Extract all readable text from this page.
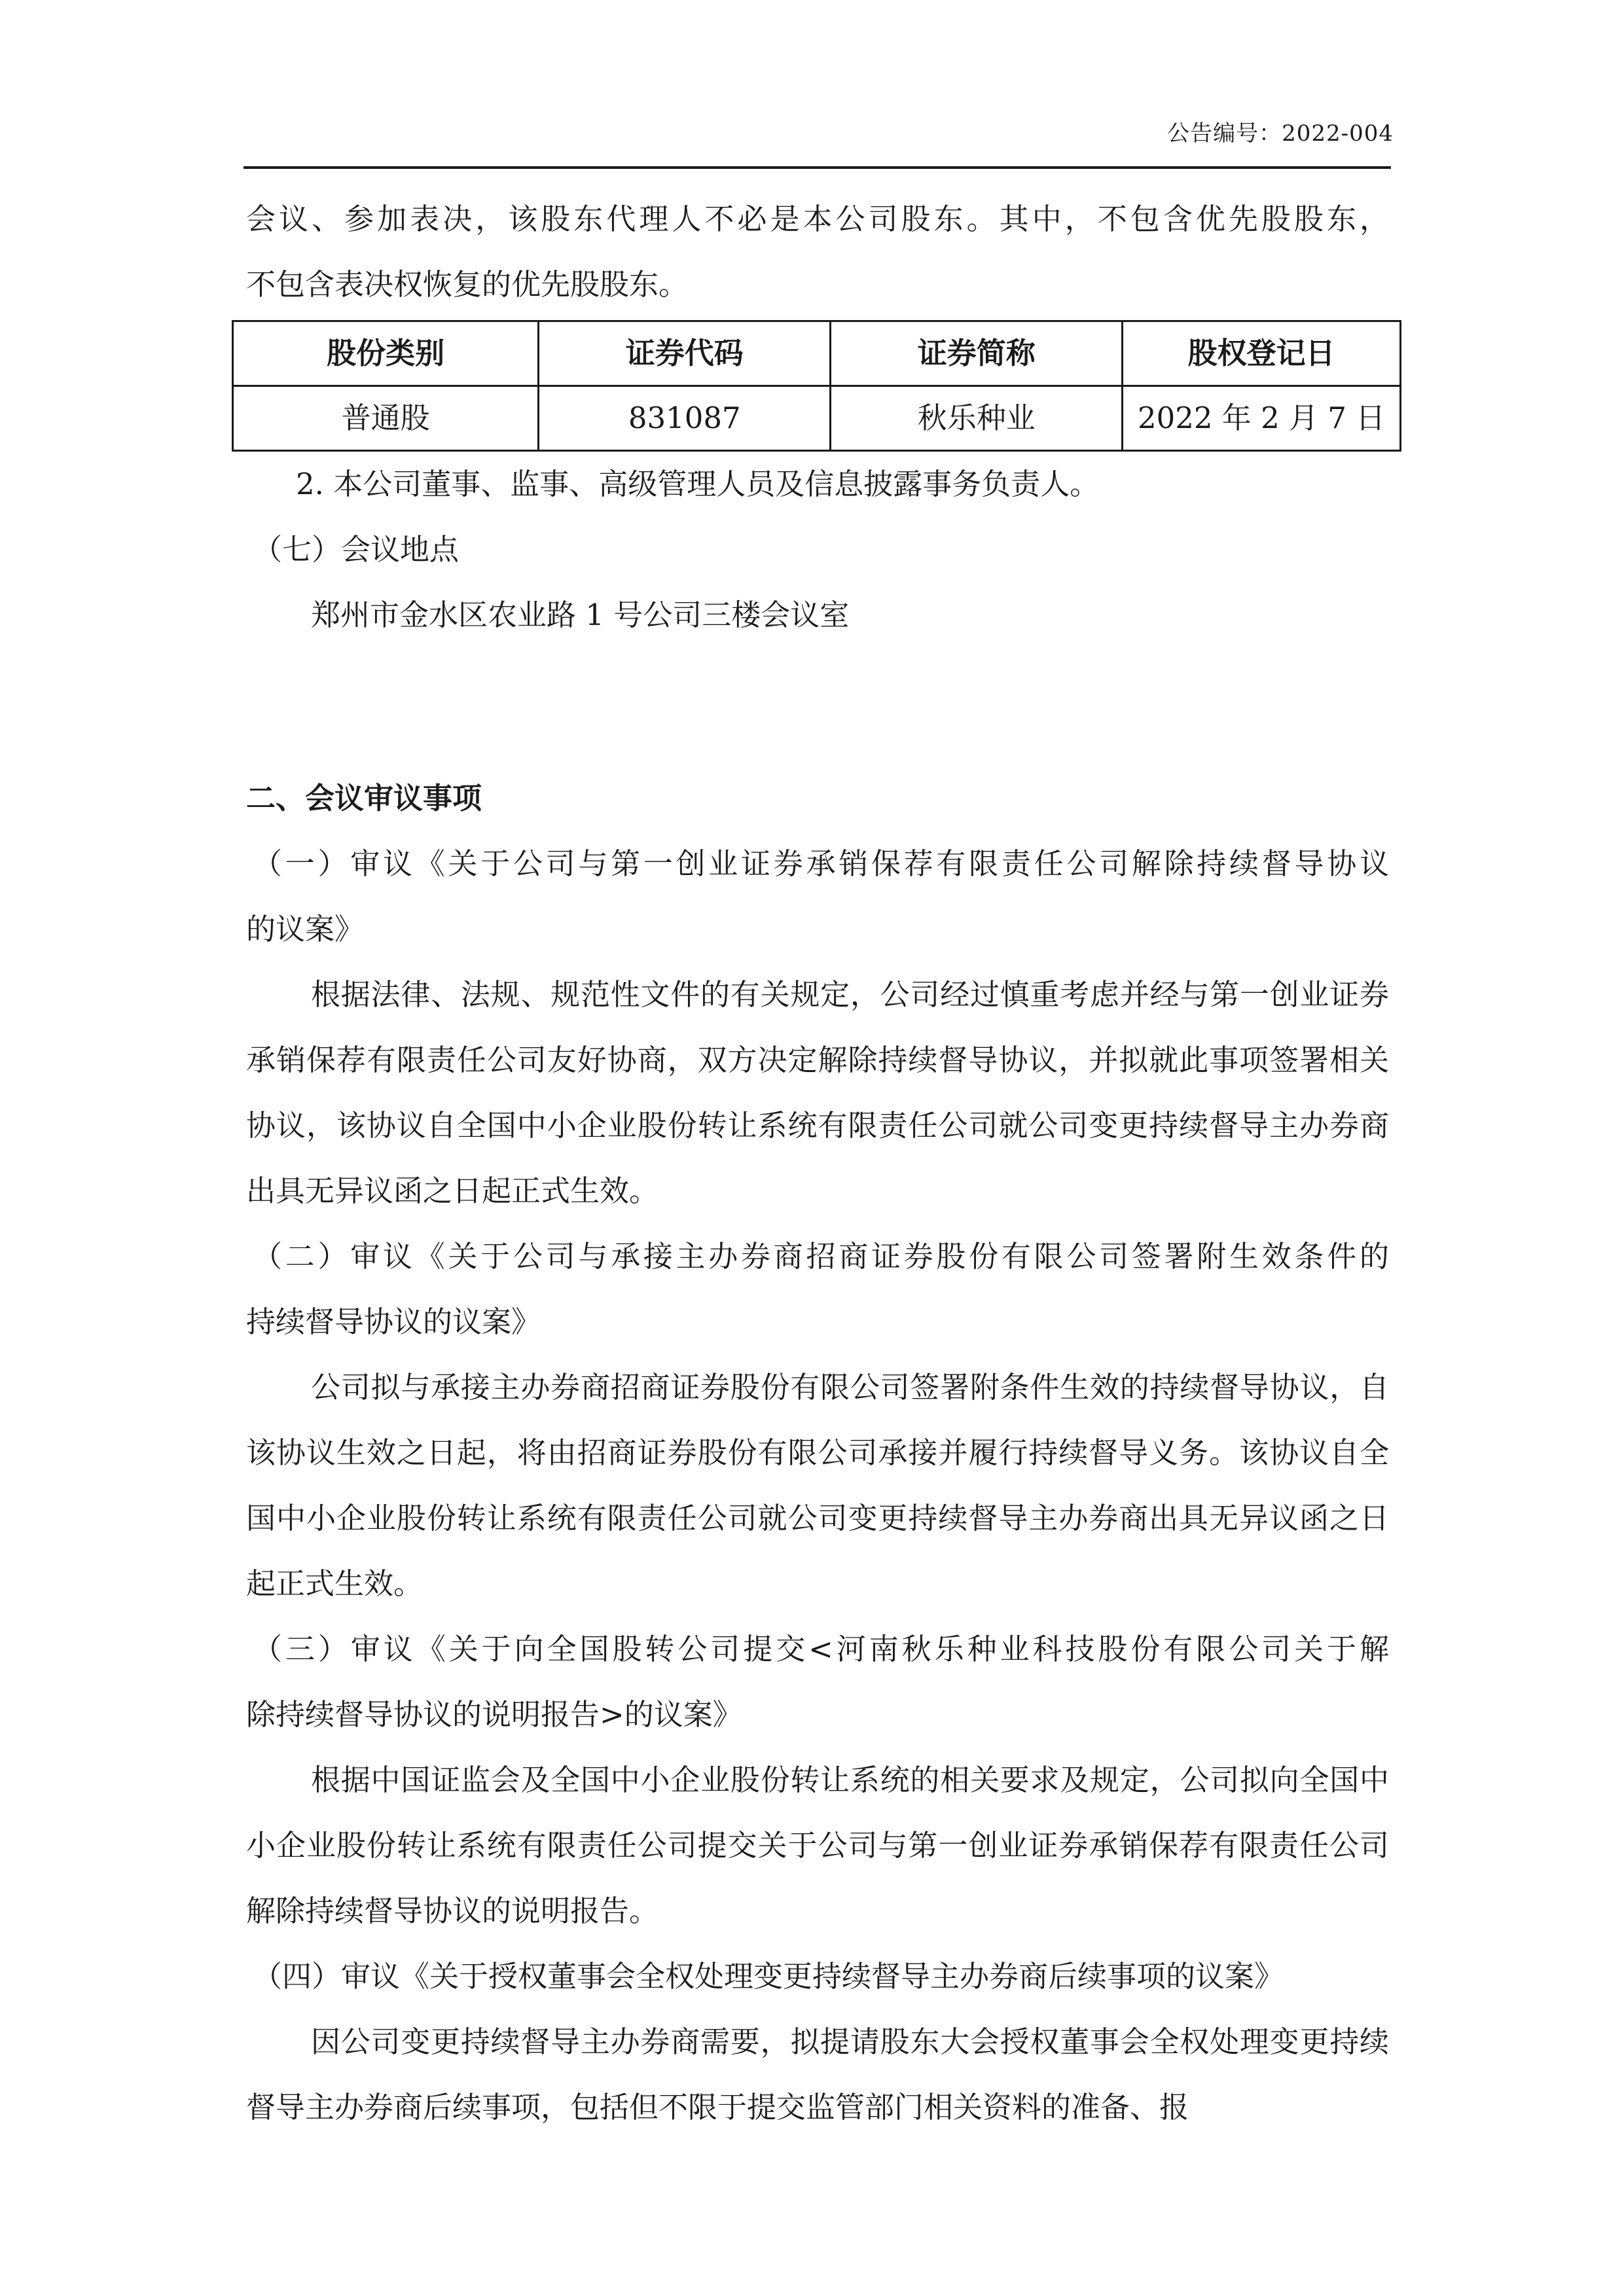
公告编号：2022-004

会议、参加表决，该股东代理人不必是本公司股东。其中，不包含优先股股东，

不包含表决权恢复的优先股股东。

股份类别	证券代码	证券简称	股权登记日
普通股	831087	秋乐种业	2022 年 2 月 7 日

2. 本公司董事、监事、高级管理人员及信息披露事务负责人。

（七）会议地点

郑州市金水区农业路 1 号公司三楼会议室

二、会议审议事项

（一）审议《关于公司与第一创业证券承销保荐有限责任公司解除持续督导协议

的议案》

根据法律、法规、规范性文件的有关规定，公司经过慎重考虑并经与第一创业证券承销保荐有限责任公司友好协商，双方决定解除持续督导协议，并拟就此事项签署相关协议，该协议自全国中小企业股份转让系统有限责任公司就公司变更持续督导主办券商出具无异议函之日起正式生效。

（二）审议《关于公司与承接主办券商招商证券股份有限公司签署附生效条件的

持续督导协议的议案》

公司拟与承接主办券商招商证券股份有限公司签署附条件生效的持续督导协议，自该协议生效之日起，将由招商证券股份有限公司承接并履行持续督导义务。该协议自全国中小企业股份转让系统有限责任公司就公司变更持续督导主办券商出具无异议函之日起正式生效。

（三）审议《关于向全国股转公司提交<河南秋乐种业科技股份有限公司关于解

除持续督导协议的说明报告>的议案》

根据中国证监会及全国中小企业股份转让系统的相关要求及规定，公司拟向全国中小企业股份转让系统有限责任公司提交关于公司与第一创业证券承销保荐有限责任公司解除持续督导协议的说明报告。

（四）审议《关于授权董事会全权处理变更持续督导主办券商后续事项的议案》

因公司变更持续督导主办券商需要，拟提请股东大会授权董事会全权处理变更持续督导主办券商后续事项，包括但不限于提交监管部门相关资料的准备、报
